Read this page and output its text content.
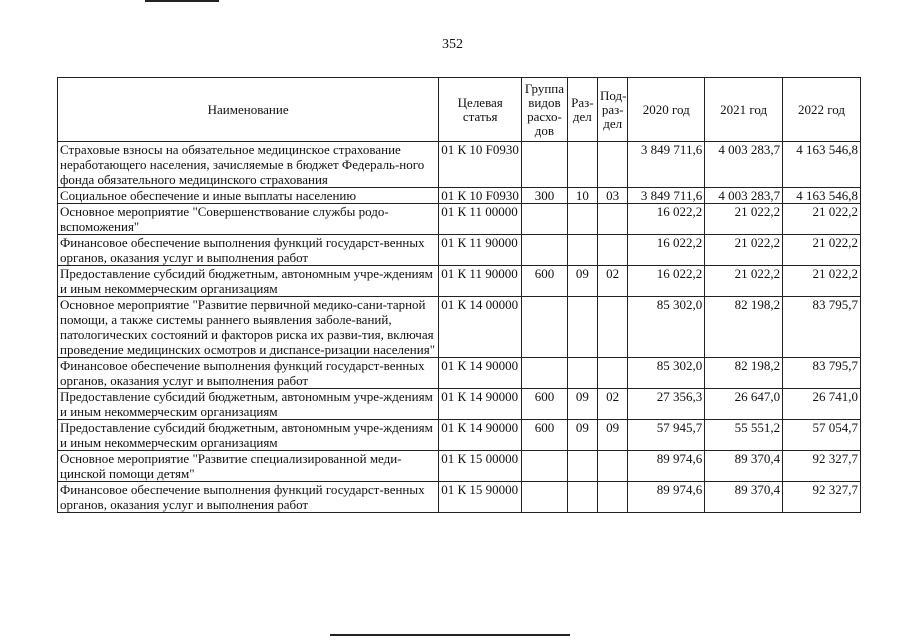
352
Наименование	Целевая статья	Группа видов расхо- дов	Раз- дел	Под- раз- дел	2020 год	2021 год	2022 год
Страховые взносы на обязательное медицинское страхование неработающего населения, зачисляемые в бюджет Федераль-ного фонда обязательного медицинского страхования	01 К 10 F0930				3 849 711,6	4 003 283,7	4 163 546,8
Социальное обеспечение и иные выплаты населению	01 К 10 F0930	300	10	03	3 849 711,6	4 003 283,7	4 163 546,8
Основное мероприятие "Совершенствование службы родо-вспоможения"	01 К 11 00000				16 022,2	21 022,2	21 022,2
Финансовое обеспечение выполнения функций государст-венных органов, оказания услуг и выполнения работ	01 К 11 90000				16 022,2	21 022,2	21 022,2
Предоставление субсидий бюджетным, автономным учре-ждениям и иным некоммерческим организациям	01 К 11 90000	600	09	02	16 022,2	21 022,2	21 022,2
Основное мероприятие "Развитие первичной медико-сани-тарной помощи, а также системы раннего выявления заболе-ваний, патологических состояний и факторов риска их разви-тия, включая проведение медицинских осмотров и диспансе-ризации населения"	01 К 14 00000				85 302,0	82 198,2	83 795,7
Финансовое обеспечение выполнения функций государст-венных органов, оказания услуг и выполнения работ	01 К 14 90000				85 302,0	82 198,2	83 795,7
Предоставление субсидий бюджетным, автономным учре-ждениям и иным некоммерческим организациям	01 К 14 90000	600	09	02	27 356,3	26 647,0	26 741,0
Предоставление субсидий бюджетным, автономным учре-ждениям и иным некоммерческим организациям	01 К 14 90000	600	09	09	57 945,7	55 551,2	57 054,7
Основное мероприятие "Развитие специализированной меди-цинской помощи детям"	01 К 15 00000				89 974,6	89 370,4	92 327,7
Финансовое обеспечение выполнения функций государст-венных органов, оказания услуг и выполнения работ	01 К 15 90000				89 974,6	89 370,4	92 327,7
